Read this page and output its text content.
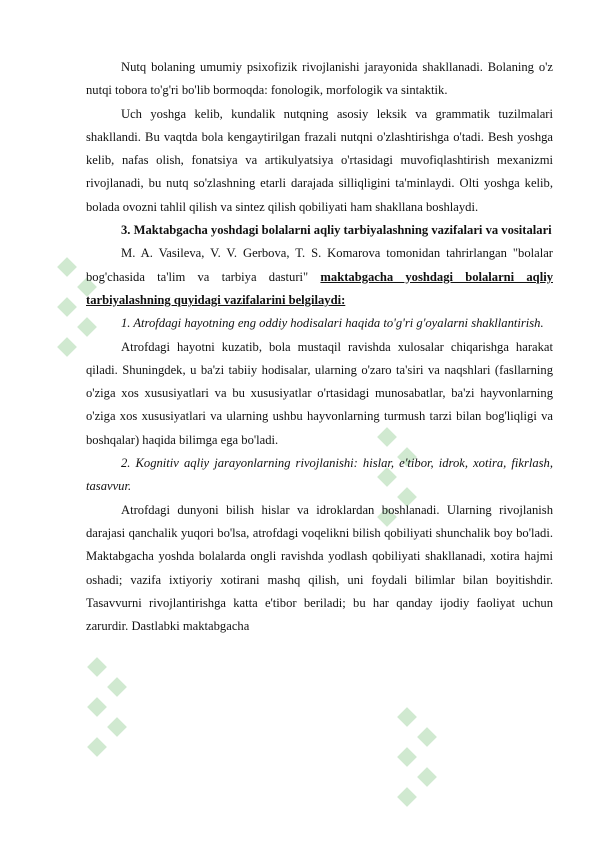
Nutq bolaning umumiy psixofizik rivojlanishi jarayonida shakllanadi. Bolaning o'z nutqi tobora to'g'ri bo'lib bormoqda: fonologik, morfologik va sintaktik.

Uch yoshga kelib, kundalik nutqning asosiy leksik va grammatik tuzilmalari shakllandi. Bu vaqtda bola kengaytirilgan frazali nutqni o'zlashtirishga o'tadi. Besh yoshga kelib, nafas olish, fonatsiya va artikulyatsiya o'rtasidagi muvofiqlashtirish mexanizmi rivojlanadi, bu nutq so'zlashning etarli darajada silliqligini ta'minlaydi. Olti yoshga kelib, bolada ovozni tahlil qilish va sintez qilish qobiliyati ham shakllana boshlaydi.

3. Maktabgacha yoshdagi bolalarni aqliy tarbiyalashning vazifalari va vositalari

M. A. Vasileva, V. V. Gerbova, T. S. Komarova tomonidan tahrirlangan "bolalar bog'chasida ta'lim va tarbiya dasturi" maktabgacha yoshdagi bolalarni aqliy tarbiyalashning quyidagi vazifalarini belgilaydi:

1. Atrofdagi hayotning eng oddiy hodisalari haqida to'g'ri g'oyalarni shakllantirish.

Atrofdagi hayotni kuzatib, bola mustaqil ravishda xulosalar chiqarishga harakat qiladi. Shuningdek, u ba'zi tabiiy hodisalar, ularning o'zaro ta'siri va naqshlari (fasllarning o'ziga xos xususiyatlari va bu xususiyatlar o'rtasidagi munosabatlar, ba'zi hayvonlarning o'ziga xos xususiyatlari va ularning ushbu hayvonlarning turmush tarzi bilan bog'liqligi va boshqalar) haqida bilimga ega bo'ladi.

2. Kognitiv aqliy jarayonlarning rivojlanishi: hislar, e'tibor, idrok, xotira, fikrlash, tasavvur.

Atrofdagi dunyoni bilish hislar va idroklardan boshlanadi. Ularning rivojlanish darajasi qanchalik yuqori bo'lsa, atrofdagi voqelikni bilish qobiliyati shunchalik boy bo'ladi. Maktabgacha yoshda bolalarda ongli ravishda yodlash qobiliyati shakllanadi, xotira hajmi oshadi; vazifa ixtiyoriy xotirani mashq qilish, uni foydali bilimlar bilan boyitishdir. Tasavvurni rivojlantirishga katta e'tibor beriladi; bu har qanday ijodiy faoliyat uchun zarurdir. Dastlabki maktabgacha
